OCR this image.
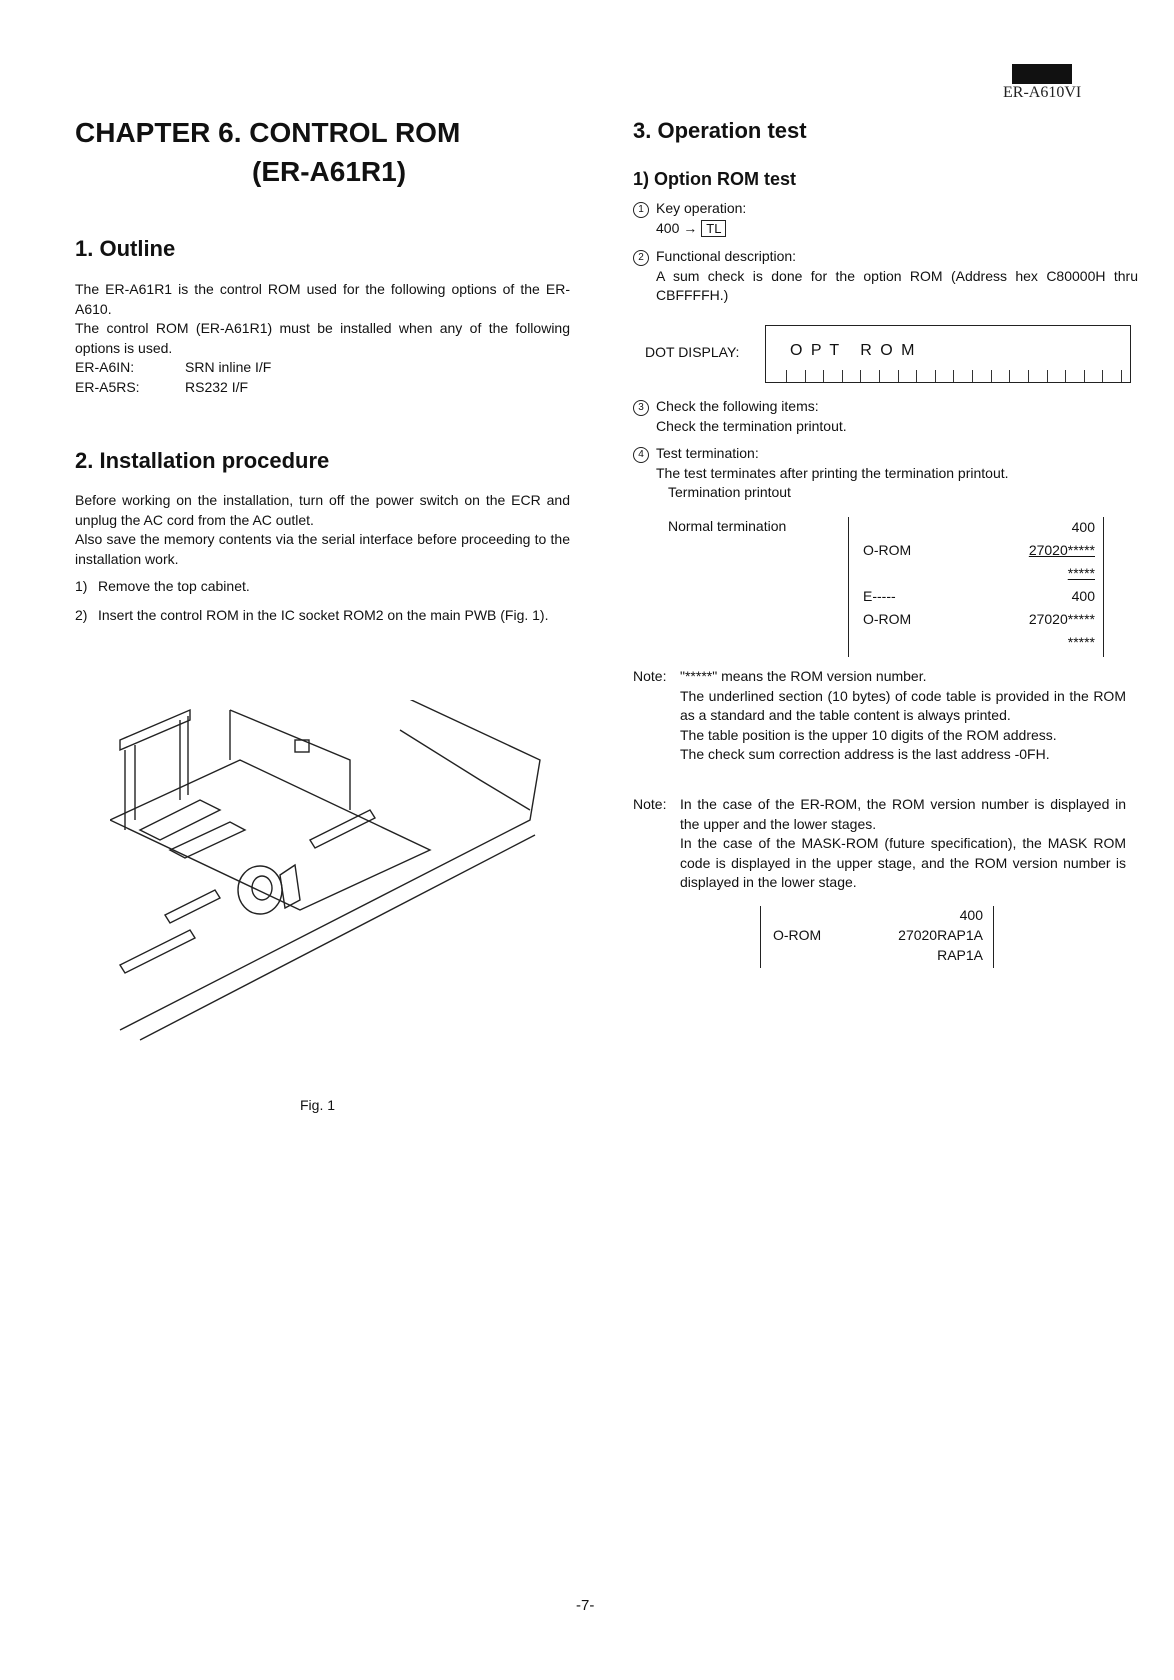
ER-A610VI
CHAPTER 6. CONTROL ROM
(ER-A61R1)
1. Outline
The ER-A61R1 is the control ROM used for the following options of the ER-A610.
The control ROM (ER-A61R1) must be installed when any of the following options is used.
ER-A6IN:	SRN inline I/F
ER-A5RS:	RS232 I/F
2. Installation procedure
Before working on the installation, turn off the power switch on the ECR and unplug the AC cord from the AC outlet.
Also save the memory contents via the serial interface before proceeding to the installation work.
1) Remove the top cabinet.
2) Insert the control ROM in the IC socket ROM2 on the main PWB (Fig. 1).
Fig. 1
3. Operation test
1) Option ROM test
1 Key operation:
400 → TL
2 Functional description:
A sum check is done for the option ROM (Address hex C80000H thru CBFFFFH.)
DOT DISPLAY:	O P T   R O M
3 Check the following items:
Check the termination printout.
4 Test termination:
The test terminates after printing the termination printout.
Termination printout
Normal termination	400
O-ROM	27020*****
*****
E-----	400
O-ROM	27020*****
*****
Note: "*****" means the ROM version number.
The underlined section (10 bytes) of code table is provided in the ROM as a standard and the table content is always printed.
The table position is the upper 10 digits of the ROM address.
The check sum correction address is the last address -0FH.
Note: In the case of the ER-ROM, the ROM version number is displayed in the upper and the lower stages.
In the case of the MASK-ROM (future specification), the MASK ROM code is displayed in the upper stage, and the ROM version number is displayed in the lower stage.
400
O-ROM	27020RAP1A
RAP1A
-7-
